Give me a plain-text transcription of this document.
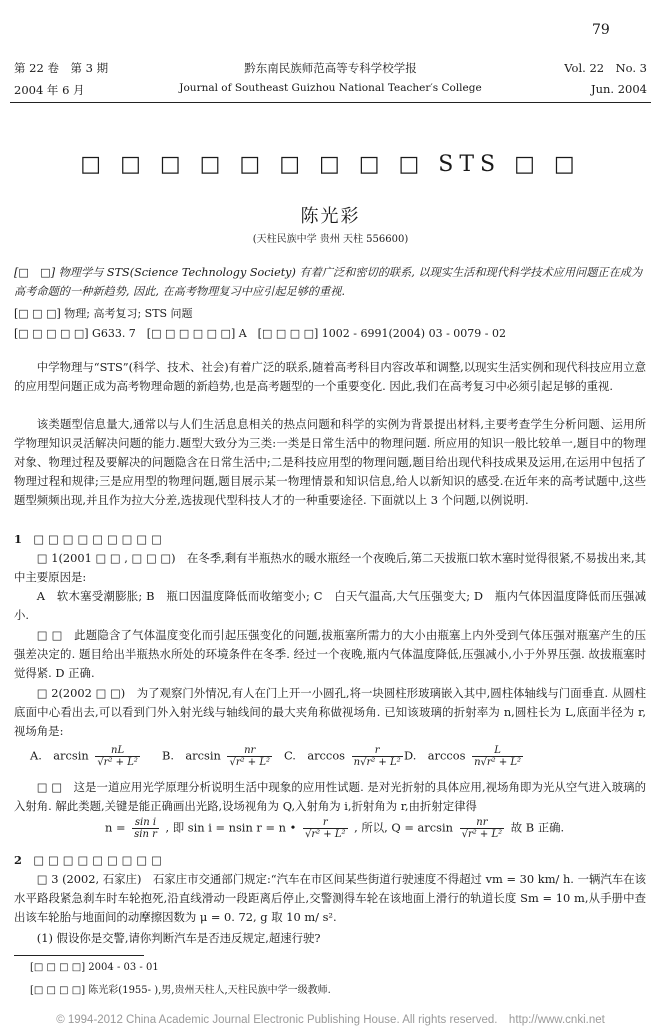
79
第 22 卷　第 3 期	黔东南民族师范高等专科学校学报	Vol. 22　No. 3
2004 年 6 月	Journal of Southeast Guizhou National Teacher′s College	Jun. 2004
□ □ □ □ □ □ □ □ □ STS □ □
陈光彩
(天柱民族中学 贵州 天柱 556600)
[□　□] 物理学与 STS(Science Technology Society) 有着广泛和密切的联系, 以现实生活和现代科学技术应用问题正在成为高考命题的一种新趋势, 因此, 在高考物理复习中应引起足够的重视.
[□ □ □] 物理; 高考复习; STS 问题
[□ □ □ □ □] G633. 7　[□ □ □ □ □ □] A　[□ □ □ □] 1002 - 6991(2004) 03 - 0079 - 02
中学物理与“STS”(科学、技术、社会)有着广泛的联系,随着高考科目内容改革和调整,以现实生活实例和现代科技应用立意的应用型问题正成为高考物理命题的新趋势,也是高考题型的一个重要变化. 因此,我们在高考复习中必须引起足够的重视.
该类题型信息量大,通常以与人们生活息息相关的热点问题和科学的实例为背景提出材料,主要考查学生分析问题、运用所学物理知识灵活解决问题的能力.题型大致分为三类:一类是日常生活中的物理问题. 所应用的知识一般比较单一,题目中的物理对象、物理过程及要解决的问题隐含在日常生活中;二是科技应用型的物理问题,题目给出现代科技成果及运用,在运用中包括了物理过程和规律;三是应用型的物理问题,题目展示某一物理情景和知识信息,给人以新知识的感受.在近年来的高考试题中,这些题型频频出现,并且作为拉大分差,选拔现代型科技人才的一种重要途径. 下面就以上 3 个问题,以例说明.
1　□ □ □ □ □ □ □ □ □
□ 1(2001 □ □ , □ □ □)　在冬季,剩有半瓶热水的暖水瓶经一个夜晚后,第二天拔瓶口软木塞时觉得很紧,不易拔出来,其中主要原因是:
A　软木塞受潮膨胀; B　瓶口因温度降低而收缩变小; C　白天气温高,大气压强变大; D　瓶内气体因温度降低而压强减小.
□ □　此题隐含了气体温度变化而引起压强变化的问题,拔瓶塞所需力的大小由瓶塞上内外受到气体压强对瓶塞产生的压强差决定的. 题目给出半瓶热水所处的环境条件在冬季. 经过一个夜晚,瓶内气体温度降低,压强减小,小于外界压强. 故拔瓶塞时觉得紧. D 正确.
□ 2(2002 □ □)　为了观察门外情况,有人在门上开一小圆孔,将一块圆柱形玻璃嵌入其中,圆柱体轴线与门面垂直. 从圆柱底面中心看出去,可以看到门外入射光线与轴线间的最大夹角称做视场角. 已知该玻璃的折射率为 n,圆柱长为 L,底面半径为 r,视场角是:
A.　$\arcsin \frac{nL}{\text{√r² + L²}} B$.　$\arcsin \frac{nr}{\text{√r² + L²}} C$.　$\arccos \frac{r}{\text{n√r² + L²}} D$.　$\arccos \frac{L}{\text{n√r² + L²}}$
□ □　这是一道应用光学原理分析说明生活中现象的应用性试题. 是对光折射的具体应用,视场角即为光从空气进入玻璃的入射角. 解此类题,关键是能正确画出光路,设场视角为 Q,入射角为 i,折射角为 r,由折射定律得
$n = \frac{\text{sin i}}{\text{sin r}}$ , 即 sin i = nsin r = n • $\frac{r}{\text{√r² + L²}}$ , 所以, $Q = \arcsin \frac{nr}{\text{√r² + L²}}$ 故 B 正确.
2　□ □ □ □ □ □ □ □ □
□ 3 (2002, 石家庄)　石家庄市交通部门规定:“汽车在市区间某些街道行驶速度不得超过 vm = 30 km/ h. 一辆汽车在该水平路段紧急刹车时车轮抱死,沿直线滑动一段距离后停止,交警测得车轮在该地面上滑行的轨道长度 Sm = 10 m,从手册中查出该车轮胎与地面间的动摩擦因数为 μ = 0. 72, g 取 10 m/ s².
(1) 假设你是交警,请你判断汽车是否违反规定,超速行驶?
[□ □ □ □] 2004 - 03 - 01
[□ □ □ □] 陈光彩(1955- ),男,贵州天柱人,天柱民族中学一级教师.
© 1994-2012 China Academic Journal Electronic Publishing House. All rights reserved.　http://www.cnki.net
